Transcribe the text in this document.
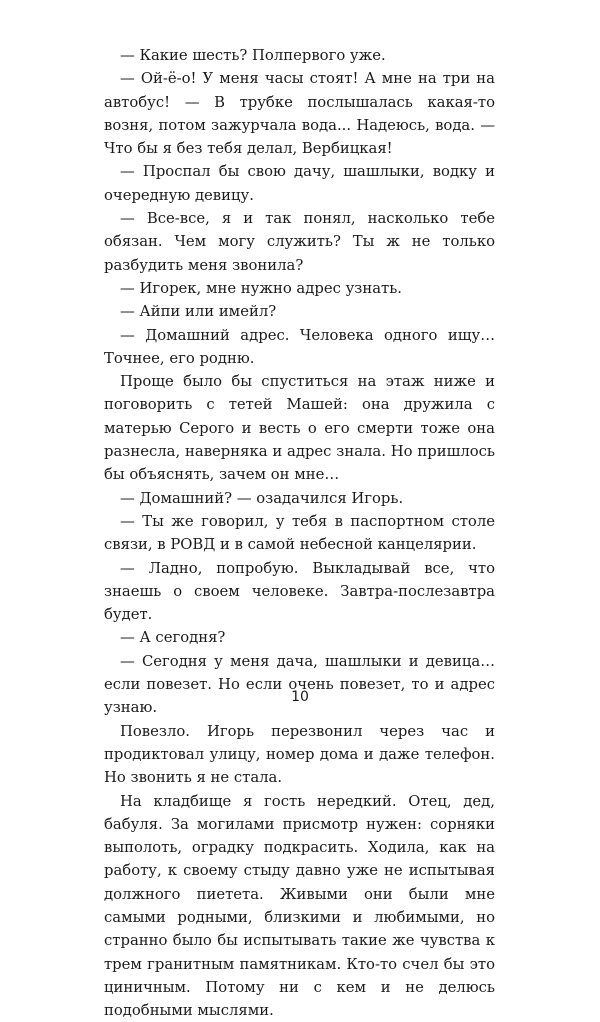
— Какие шесть? Полпервого уже.

— Ой-ё-о! У меня часы стоят! А мне на три на автобус! — В трубке послышалась какая-то возня, потом зажурчала вода... Надеюсь, вода. — Что бы я без тебя делал, Вербицкая!

— Проспал бы свою дачу, шашлыки, водку и очередную девицу.

— Все-все, я и так понял, насколько тебе обязан. Чем могу служить? Ты ж не только разбудить меня звонила?

— Игорек, мне нужно адрес узнать.

— Айпи или имейл?

— Домашний адрес. Человека одного ищу… Точнее, его родню.

Проще было бы спуститься на этаж ниже и поговорить с тетей Машей: она дружила с матерью Серого и весть о его смерти тоже она разнесла, наверняка и адрес знала. Но пришлось бы объяснять, зачем он мне…

— Домашний? — озадачился Игорь.

— Ты же говорил, у тебя в паспортном столе связи, в РОВД и в самой небесной канцелярии.

— Ладно, попробую. Выкладывай все, что знаешь о своем человеке. Завтра-послезавтра будет.

— А сегодня?

— Сегодня у меня дача, шашлыки и девица… если повезет. Но если очень повезет, то и адрес узнаю.

Повезло. Игорь перезвонил через час и продиктовал улицу, номер дома и даже телефон. Но звонить я не стала.

На кладбище я гость нередкий. Отец, дед, бабуля. За могилами присмотр нужен: сорняки выполоть, оградку подкрасить. Ходила, как на работу, к своему стыду давно уже не испытывая должного пиетета. Живыми они были мне самыми родными, близкими и любимыми, но странно было бы испытывать такие же чувства к трем гранитным памятникам. Кто-то счел бы это циничным. Потому ни с кем и не делюсь подобными мыслями.

10
